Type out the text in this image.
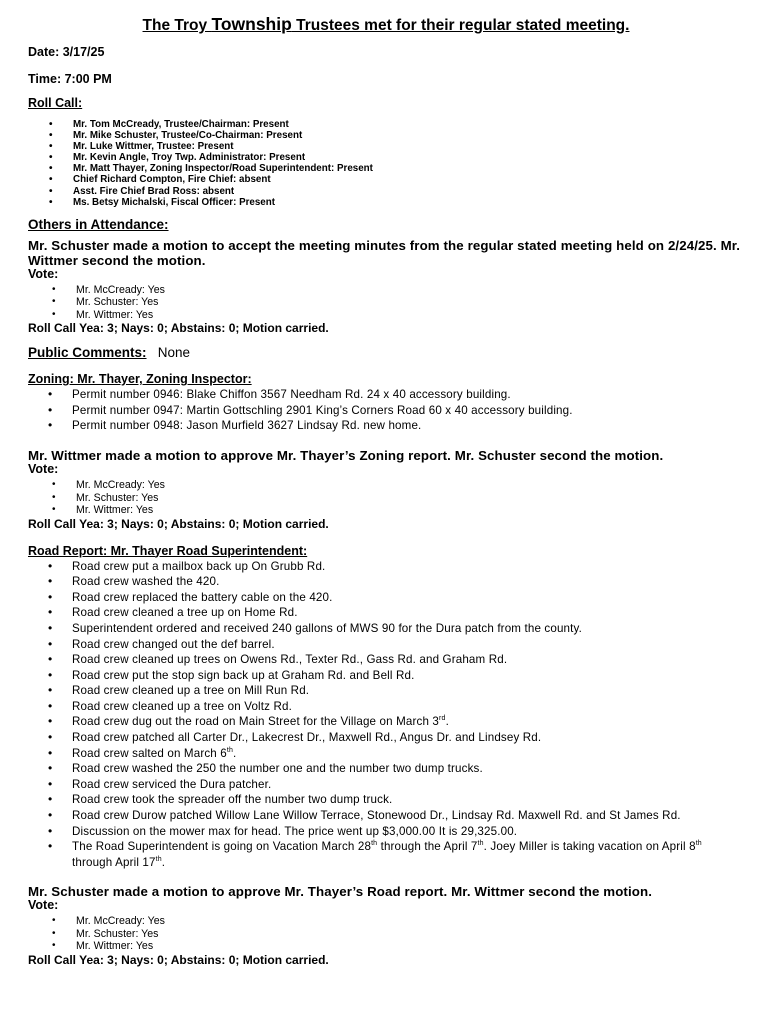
The Troy Township Trustees met for their regular stated meeting.
Date: 3/17/25
Time: 7:00 PM
Roll Call:
• Mr. Tom McCready, Trustee/Chairman: Present
• Mr. Mike Schuster, Trustee/Co-Chairman: Present
• Mr. Luke Wittmer, Trustee: Present
• Mr. Kevin Angle, Troy Twp. Administrator: Present
• Mr. Matt Thayer, Zoning Inspector/Road Superintendent: Present
• Chief Richard Compton, Fire Chief: absent
• Asst. Fire Chief Brad Ross: absent
• Ms. Betsy Michalski, Fiscal Officer: Present
Others in Attendance:
Mr. Schuster made a motion to accept the meeting minutes from the regular stated meeting held on 2/24/25. Mr. Wittmer second the motion.
Vote:
• Mr. McCready: Yes
• Mr. Schuster: Yes
• Mr. Wittmer: Yes
Roll Call Yea: 3; Nays: 0; Abstains: 0; Motion carried.
Public Comments: None
Zoning: Mr. Thayer, Zoning Inspector:
• Permit number 0946: Blake Chiffon 3567 Needham Rd. 24 x 40 accessory building.
• Permit number 0947: Martin Gottschling 2901 King’s Corners Road 60 x 40 accessory building.
• Permit number 0948: Jason Murfield 3627 Lindsay Rd. new home.
Mr. Wittmer made a motion to approve Mr. Thayer’s Zoning report. Mr. Schuster second the motion.
Vote:
• Mr. McCready: Yes
• Mr. Schuster: Yes
• Mr. Wittmer: Yes
Roll Call Yea: 3; Nays: 0; Abstains: 0; Motion carried.
Road Report: Mr. Thayer Road Superintendent:
• Road crew put a mailbox back up On Grubb Rd.
• Road crew washed the 420.
• Road crew replaced the battery cable on the 420.
• Road crew cleaned a tree up on Home Rd.
• Superintendent ordered and received 240 gallons of MWS 90 for the Dura patch from the county.
• Road crew changed out the def barrel.
• Road crew cleaned up trees on Owens Rd., Texter Rd., Gass Rd. and Graham Rd.
• Road crew put the stop sign back up at Graham Rd. and Bell Rd.
• Road crew cleaned up a tree on Mill Run Rd.
• Road crew cleaned up a tree on Voltz Rd.
• Road crew dug out the road on Main Street for the Village on March 3rd.
• Road crew patched all Carter Dr., Lakecrest Dr., Maxwell Rd., Angus Dr. and Lindsey Rd.
• Road crew salted on March 6th.
• Road crew washed the 250 the number one and the number two dump trucks.
• Road crew serviced the Dura patcher.
• Road crew took the spreader off the number two dump truck.
• Road crew Durow patched Willow Lane Willow Terrace, Stonewood Dr., Lindsay Rd. Maxwell Rd. and St James Rd.
• Discussion on the mower max for head. The price went up $3,000.00 It is 29,325.00.
• The Road Superintendent is going on Vacation March 28th through the April 7th. Joey Miller is taking vacation on April 8th through April 17th.
Mr. Schuster made a motion to approve Mr. Thayer’s Road report. Mr. Wittmer second the motion.
Vote:
• Mr. McCready: Yes
• Mr. Schuster: Yes
• Mr. Wittmer: Yes
Roll Call Yea: 3; Nays: 0; Abstains: 0; Motion carried.
